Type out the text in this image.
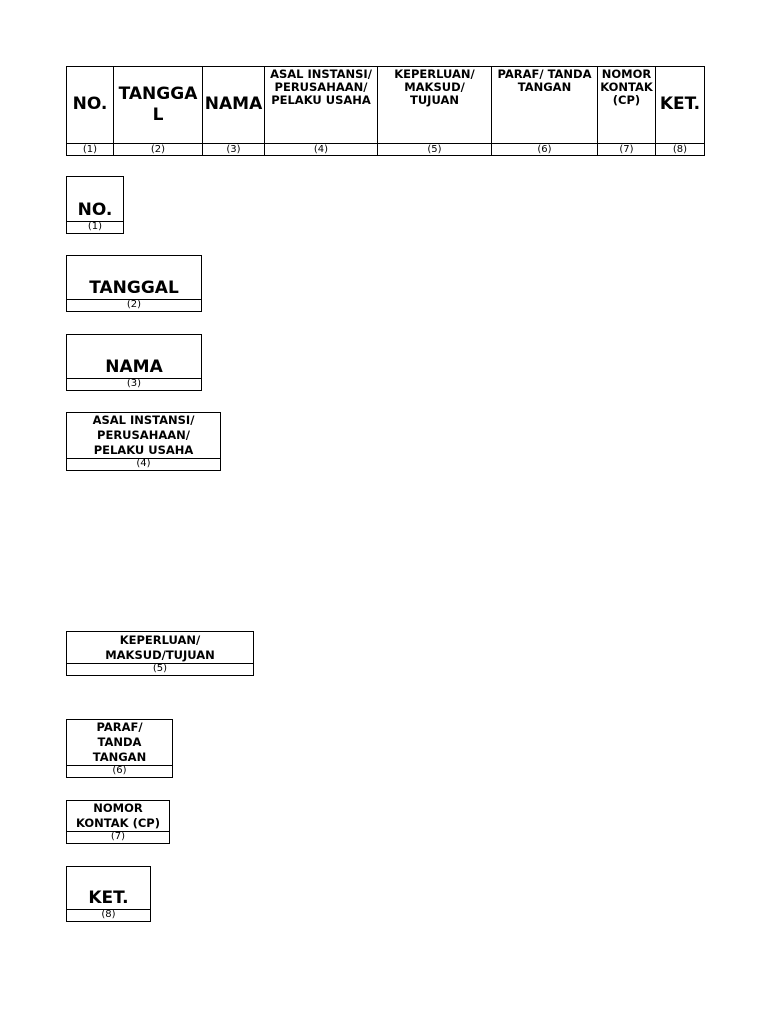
NO.	TANGGAL	NAMA	ASAL INSTANSI/ PERUSAHAAN/ PELAKU USAHA	KEPERLUAN/ MAKSUD/ TUJUAN	PARAF/ TANDA TANGAN	NOMOR KONTAK (CP)	KET.
(1)	(2)	(3)	(4)	(5)	(6)	(7)	(8)
NO.
(1)
TANGGAL
(2)
NAMA
(3)
ASAL INSTANSI/ PERUSAHAAN/ PELAKU USAHA
(4)
KEPERLUAN/ MAKSUD/TUJUAN
(5)
PARAF/ TANDA TANGAN
(6)
NOMOR KONTAK (CP)
(7)
KET.
(8)
